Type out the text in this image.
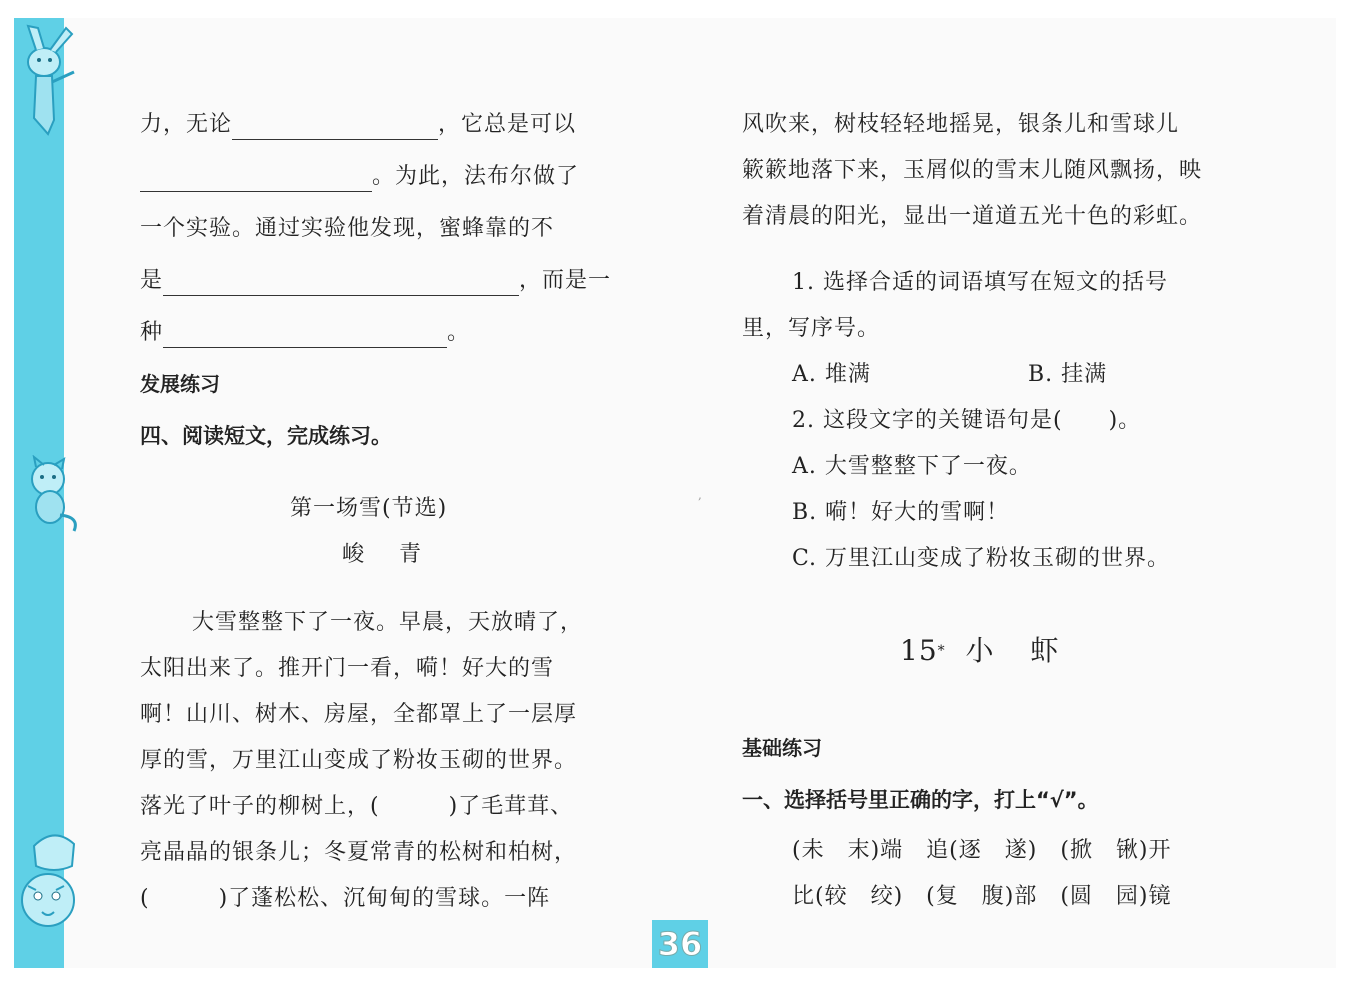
,
力，无论	，它总是可以
。为此，法布尔做了
一个实验。通过实验他发现，蜜蜂靠的不
是	，而是一
种	。
发展练习
四、阅读短文，完成练习。
第一场雪(节选)
峻 青
大雪整整下了一夜。早晨，天放晴了，
太阳出来了。推开门一看，嗬！好大的雪
啊！山川、树木、房屋，全都罩上了一层厚
厚的雪，万里江山变成了粉妆玉砌的世界。
落光了叶子的柳树上，(　　　)了毛茸茸、
亮晶晶的银条儿；冬夏常青的松树和柏树，
(　　　)了蓬松松、沉甸甸的雪球。一阵
风吹来，树枝轻轻地摇晃，银条儿和雪球儿
簌簌地落下来，玉屑似的雪末儿随风飘扬，映
着清晨的阳光，显出一道道五光十色的彩虹。
1. 选择合适的词语填写在短文的括号
里，写序号。
A. 堆满	B. 挂满
2. 这段文字的关键语句是(　　)。
A. 大雪整整下了一夜。
B. 嗬！好大的雪啊！
C. 万里江山变成了粉妆玉砌的世界。
15* 小 虾
基础练习
一、选择括号里正确的字，打上“√”。
(未　末)端　追(逐　遂)　(掀　锹)开
比(较　绞)　(复　腹)部　(圆　园)镜
36
